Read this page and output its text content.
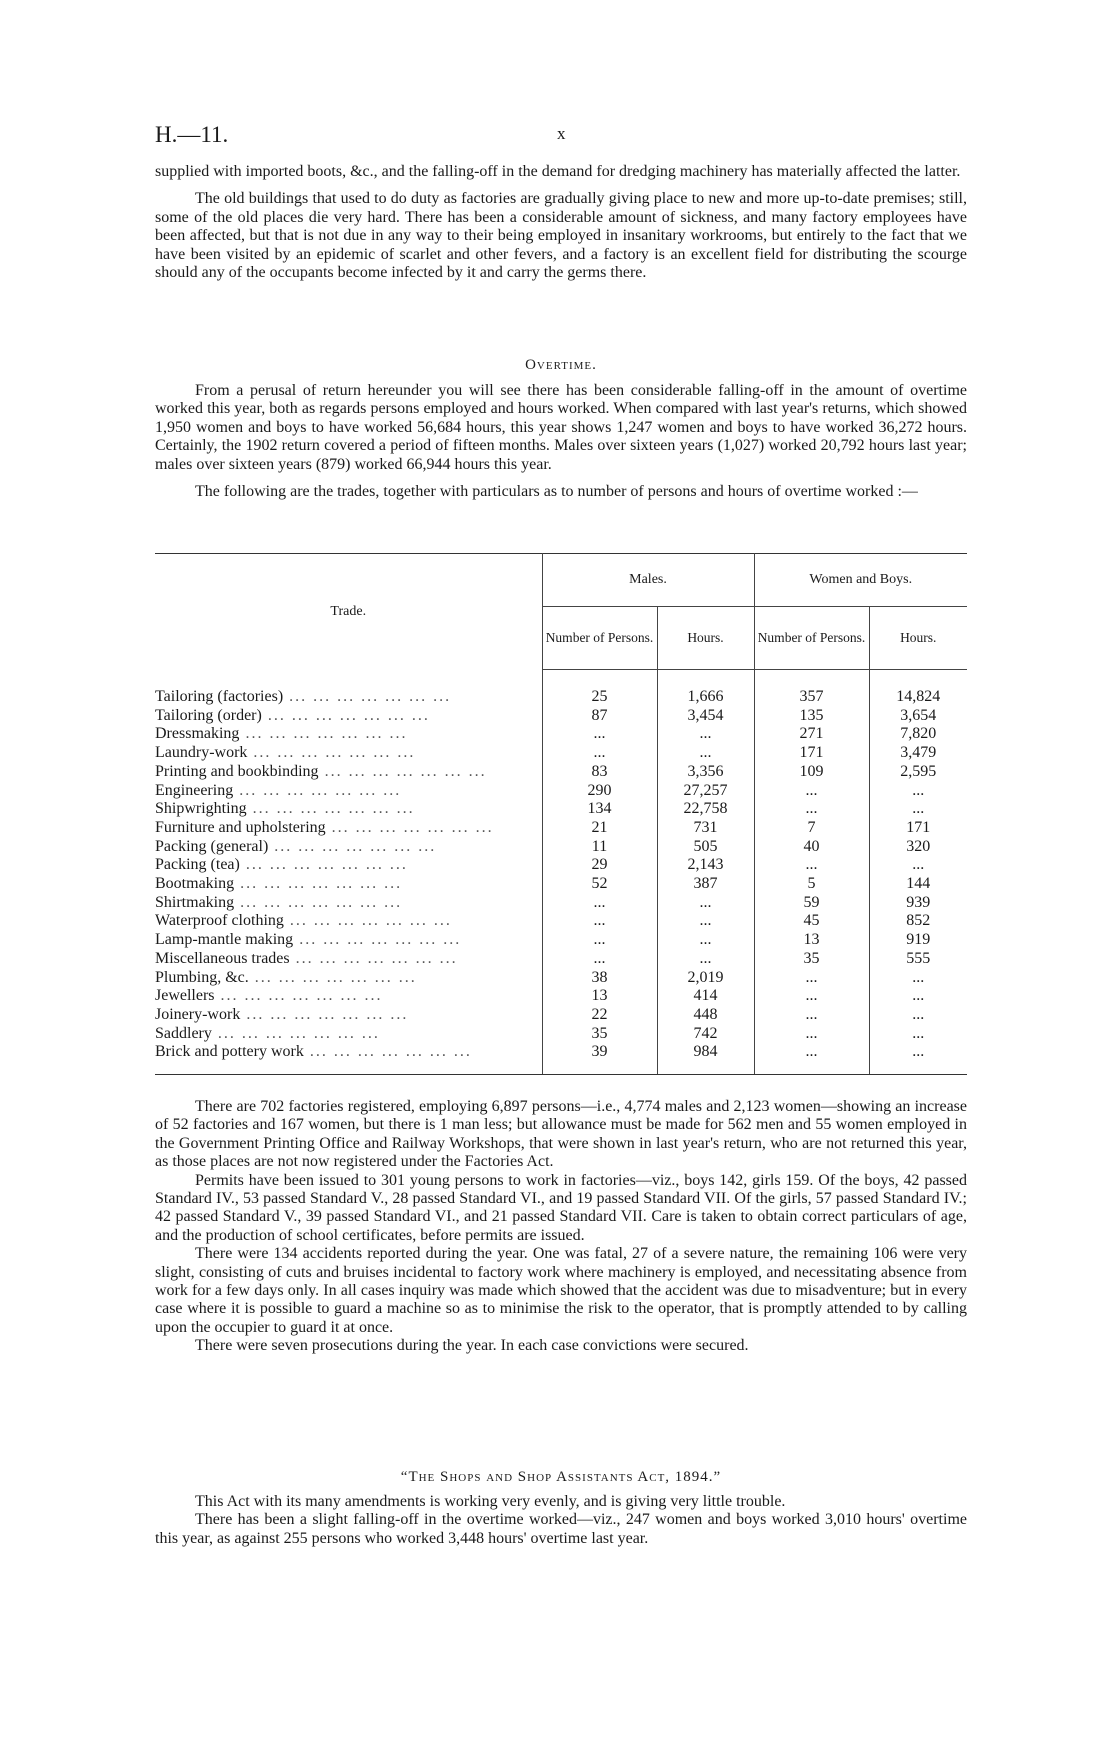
H.—11.	x

supplied with imported boots, &c., and the falling-off in the demand for dredging machinery has materially affected the latter.

The old buildings that used to do duty as factories are gradually giving place to new and more up-to-date premises; still, some of the old places die very hard. There has been a considerable amount of sickness, and many factory employees have been affected, but that is not due in any way to their being employed in insanitary workrooms, but entirely to the fact that we have been visited by an epidemic of scarlet and other fevers, and a factory is an excellent field for distributing the scourge should any of the occupants become infected by it and carry the germs there.

Overtime.

From a perusal of return hereunder you will see there has been considerable falling-off in the amount of overtime worked this year, both as regards persons employed and hours worked. When compared with last year's returns, which showed 1,950 women and boys to have worked 56,684 hours, this year shows 1,247 women and boys to have worked 36,272 hours. Certainly, the 1902 return covered a period of fifteen months. Males over sixteen years (1,027) worked 20,792 hours last year; males over sixteen years (879) worked 66,944 hours this year.

The following are the trades, together with particulars as to number of persons and hours of overtime worked :—

Trade.	Males.		Women and Boys.	
	Number of Persons.	Hours.	Number of Persons.	Hours.

Tailoring (factories) ... ... ... ... ... ... ...	25	1,666	357	14,824
Tailoring (order) ... ... ... ... ... ... ...	87	3,454	135	3,654
Dressmaking ... ... ... ... ... ... ...	...	...	271	7,820
Laundry-work ... ... ... ... ... ... ...	...	...	171	3,479
Printing and bookbinding ... ... ... ... ... ... ...	83	3,356	109	2,595
Engineering ... ... ... ... ... ... ...	290	27,257	...	...
Shipwrighting ... ... ... ... ... ... ...	134	22,758	...	...
Furniture and upholstering ... ... ... ... ... ... ...	21	731	7	171
Packing (general) ... ... ... ... ... ... ...	11	505	40	320
Packing (tea) ... ... ... ... ... ... ...	29	2,143	...	...
Bootmaking ... ... ... ... ... ... ...	52	387	5	144
Shirtmaking ... ... ... ... ... ... ...	...	...	59	939
Waterproof clothing ... ... ... ... ... ... ...	...	...	45	852
Lamp-mantle making ... ... ... ... ... ... ...	...	...	13	919
Miscellaneous trades ... ... ... ... ... ... ...	...	...	35	555
Plumbing, &c. ... ... ... ... ... ... ...	38	2,019	...	...
Jewellers ... ... ... ... ... ... ...	13	414	...	...
Joinery-work ... ... ... ... ... ... ...	22	448	...	...
Saddlery ... ... ... ... ... ... ...	35	742	...	...
Brick and pottery work ... ... ... ... ... ... ...	39	984	...	...

There are 702 factories registered, employing 6,897 persons—i.e., 4,774 males and 2,123 women—showing an increase of 52 factories and 167 women, but there is 1 man less; but allowance must be made for 562 men and 55 women employed in the Government Printing Office and Railway Workshops, that were shown in last year's return, who are not returned this year, as those places are not now registered under the Factories Act.

Permits have been issued to 301 young persons to work in factories—viz., boys 142, girls 159. Of the boys, 42 passed Standard IV., 53 passed Standard V., 28 passed Standard VI., and 19 passed Standard VII. Of the girls, 57 passed Standard IV.; 42 passed Standard V., 39 passed Standard VI., and 21 passed Standard VII. Care is taken to obtain correct particulars of age, and the production of school certificates, before permits are issued.

There were 134 accidents reported during the year. One was fatal, 27 of a severe nature, the remaining 106 were very slight, consisting of cuts and bruises incidental to factory work where machinery is employed, and necessitating absence from work for a few days only. In all cases inquiry was made which showed that the accident was due to misadventure; but in every case where it is possible to guard a machine so as to minimise the risk to the operator, that is promptly attended to by calling upon the occupier to guard it at once.

There were seven prosecutions during the year. In each case convictions were secured.

“The Shops and Shop Assistants Act, 1894.”

This Act with its many amendments is working very evenly, and is giving very little trouble.

There has been a slight falling-off in the overtime worked—viz., 247 women and boys worked 3,010 hours' overtime this year, as against 255 persons who worked 3,448 hours' overtime last year.
